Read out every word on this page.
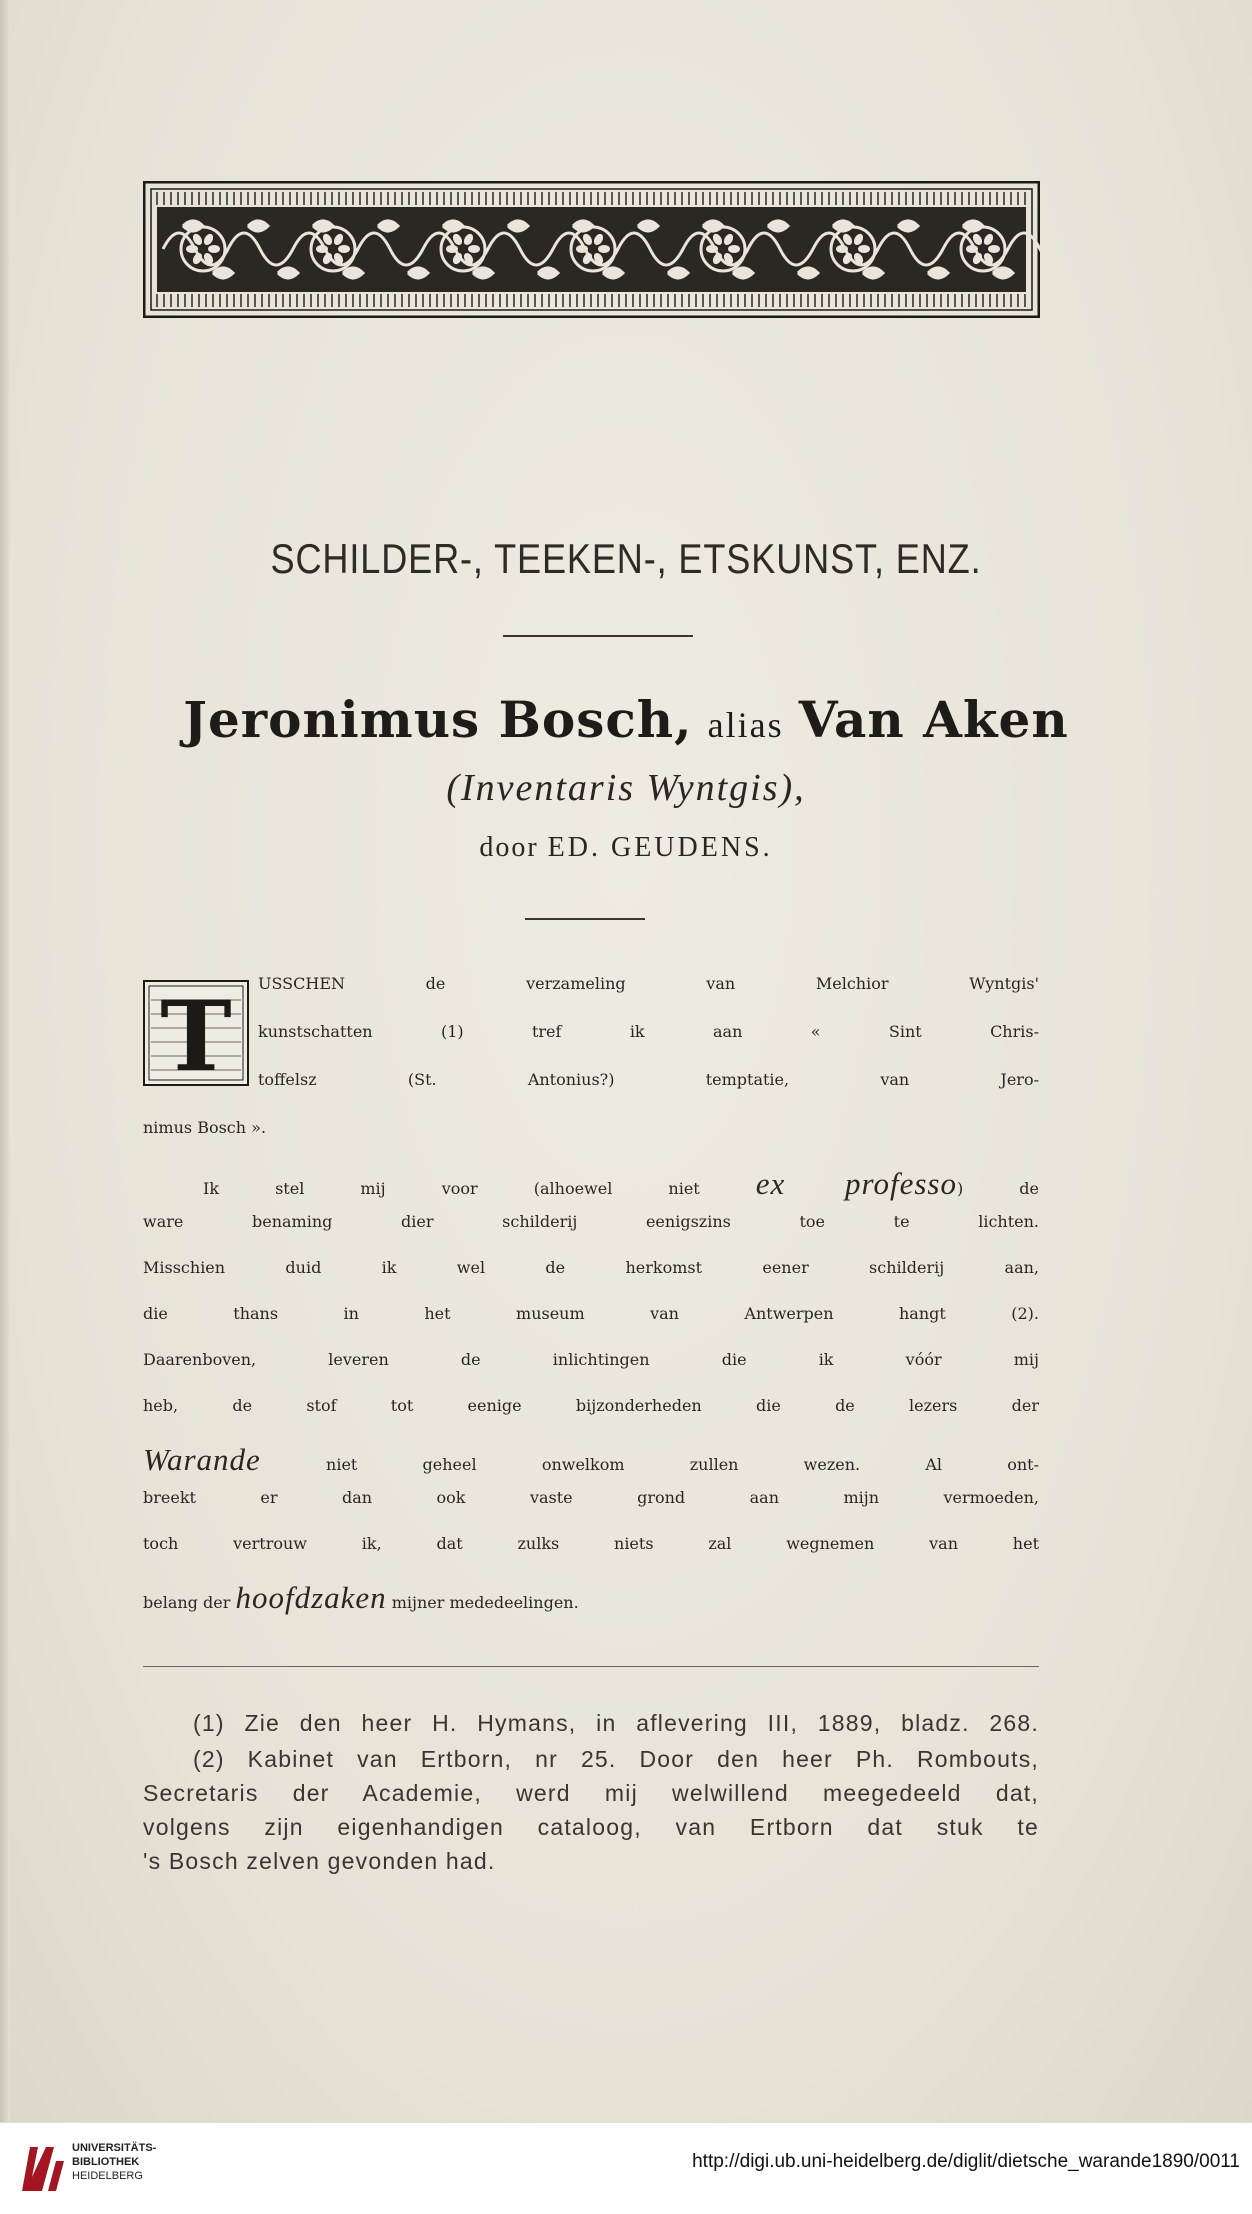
SCHILDER-, TEEKEN-, ETSKUNST, ENZ.
Jeronimus Bosch, alias Van Aken
(Inventaris Wyntgis),
door ED. GEUDENS.
T
(1) Zie den heer H. Hymans, in aflevering III, 1889, bladz. 268.
(2) Kabinet van Ertborn, nr 25. Door den heer Ph. Rombouts,
Secretaris der Academie, werd mij welwillend meegedeeld dat,
volgens zijn eigenhandigen cataloog, van Ertborn dat stuk te
's Bosch zelven gevonden had.
USSCHEN de verzameling van Melchior Wyntgis'
kunstschatten (1) tref ik aan « Sint Chris-
toffelsz (St. Antonius?) temptatie, van Jero-
nimus Bosch ».
Ik stel mij voor (alhoewel niet ex professo) de
ware benaming dier schilderij eenigszins toe te lichten.
Misschien duid ik wel de herkomst eener schilderij aan,
die thans in het museum van Antwerpen hangt (2).
Daarenboven, leveren de inlichtingen die ik vóór mij
heb, de stof tot eenige bijzonderheden die de lezers der
Warande niet geheel onwelkom zullen wezen. Al ont-
breekt er dan ook vaste grond aan mijn vermoeden,
toch vertrouw ik, dat zulks niets zal wegnemen van het
belang der hoofdzaken mijner mededeelingen.
UNIVERSITÄTS-
BIBLIOTHEK
HEIDELBERG
http://digi.ub.uni-heidelberg.de/diglit/dietsche_warande1890/0011
